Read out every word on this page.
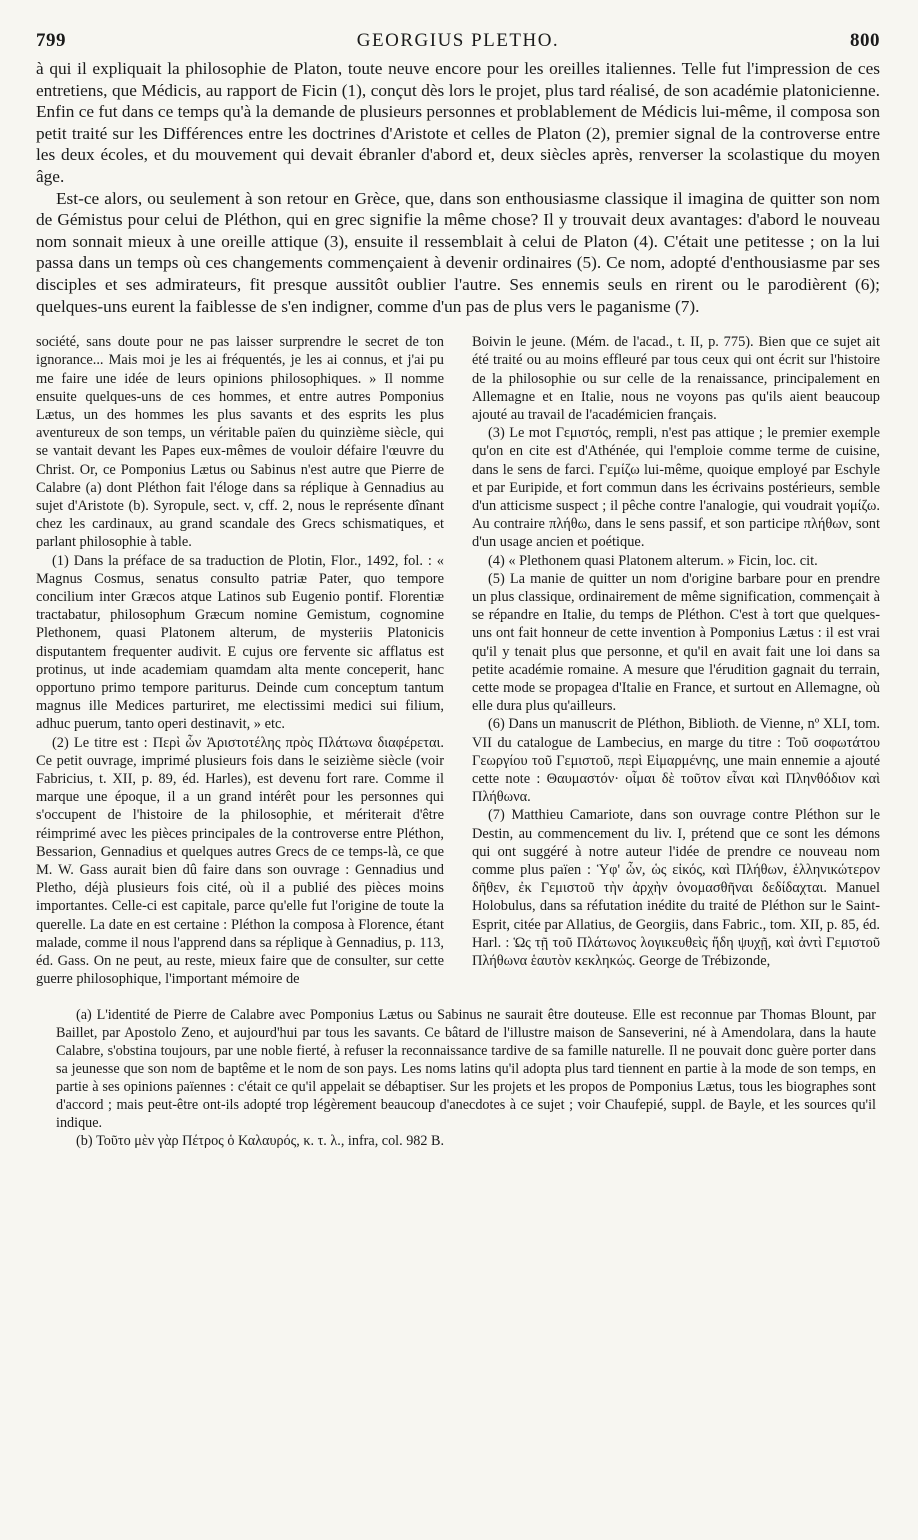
799	GEORGIUS PLETHO.	800

à qui il expliquait la philosophie de Platon, toute neuve encore pour les oreilles italiennes. Telle fut l'impression de ces entretiens, que Médicis, au rapport de Ficin (1), conçut dès lors le projet, plus tard réalisé, de son académie platonicienne. Enfin ce fut dans ce temps qu'à la demande de plusieurs personnes et problablement de Médicis lui-même, il composa son petit traité sur les Différences entre les doctrines d'Aristote et celles de Platon (2), premier signal de la controverse entre les deux écoles, et du mouvement qui devait ébranler d'abord et, deux siècles après, renverser la scolastique du moyen âge.

Est-ce alors, ou seulement à son retour en Grèce, que, dans son enthousiasme classique il imagina de quitter son nom de Gémistus pour celui de Pléthon, qui en grec signifie la même chose? Il y trouvait deux avantages: d'abord le nouveau nom sonnait mieux à une oreille attique (3), ensuite il ressemblait à celui de Platon (4). C'était une petitesse ; on la lui passa dans un temps où ces changements commençaient à devenir ordinaires (5). Ce nom, adopté d'enthousiasme par ses disciples et ses admirateurs, fit presque aussitôt oublier l'autre. Ses ennemis seuls en rirent ou le parodièrent (6); quelques-uns eurent la faiblesse de s'en indigner, comme d'un pas de plus vers le paganisme (7).

société, sans doute pour ne pas laisser surprendre le secret de ton ignorance... Mais moi je les ai fréquentés, je les ai connus, et j'ai pu me faire une idée de leurs opinions philosophiques. » Il nomme ensuite quelques-uns de ces hommes, et entre autres Pomponius Lætus, un des hommes les plus savants et des esprits les plus aventureux de son temps, un véritable païen du quinzième siècle, qui se vantait devant les Papes eux-mêmes de vouloir défaire l'œuvre du Christ. Or, ce Pomponius Lætus ou Sabinus n'est autre que Pierre de Calabre (a) dont Pléthon fait l'éloge dans sa réplique à Gennadius au sujet d'Aristote (b). Syropule, sect. v, cff. 2, nous le représente dînant chez les cardinaux, au grand scandale des Grecs schismatiques, et parlant philosophie à table.

(1) Dans la préface de sa traduction de Plotin, Flor., 1492, fol. : « Magnus Cosmus, senatus consulto patriæ Pater, quo tempore concilium inter Græcos atque Latinos sub Eugenio pontif. Florentiæ tractabatur, philosophum Græcum nomine Gemistum, cognomine Plethonem, quasi Platonem alterum, de mysteriis Platonicis disputantem frequenter audivit. E cujus ore fervente sic afflatus est protinus, ut inde academiam quamdam alta mente conceperit, hanc opportuno primo tempore pariturus. Deinde cum conceptum tantum magnus ille Medices parturiret, me electissimi medici sui filium, adhuc puerum, tanto operi destinavit, » etc.

(2) Le titre est : Περὶ ὧν Ἀριστοτέλης πρὸς Πλάτωνα διαφέρεται. Ce petit ouvrage, imprimé plusieurs fois dans le seizième siècle (voir Fabricius, t. XII, p. 89, éd. Harles), est devenu fort rare. Comme il marque une époque, il a un grand intérêt pour les personnes qui s'occupent de l'histoire de la philosophie, et mériterait d'être réimprimé avec les pièces principales de la controverse entre Pléthon, Bessarion, Gennadius et quelques autres Grecs de ce temps-là, ce que M. W. Gass aurait bien dû faire dans son ouvrage : Gennadius und Pletho, déjà plusieurs fois cité, où il a publié des pièces moins importantes. Celle-ci est capitale, parce qu'elle fut l'origine de toute la querelle. La date en est certaine : Pléthon la composa à Florence, étant malade, comme il nous l'apprend dans sa réplique à Gennadius, p. 113, éd. Gass. On ne peut, au reste, mieux faire que de consulter, sur cette guerre philosophique, l'important mémoire de

Boivin le jeune. (Mém. de l'acad., t. II, p. 775). Bien que ce sujet ait été traité ou au moins effleuré par tous ceux qui ont écrit sur l'histoire de la philosophie ou sur celle de la renaissance, principalement en Allemagne et en Italie, nous ne voyons pas qu'ils aient beaucoup ajouté au travail de l'académicien français.

(3) Le mot Γεμιστός, rempli, n'est pas attique ; le premier exemple qu'on en cite est d'Athénée, qui l'emploie comme terme de cuisine, dans le sens de farci. Γεμίζω lui-même, quoique employé par Eschyle et par Euripide, et fort commun dans les écrivains postérieurs, semble d'un atticisme suspect ; il pêche contre l'analogie, qui voudrait γομίζω. Au contraire πλήθω, dans le sens passif, et son participe πλήθων, sont d'un usage ancien et poétique.

(4) « Plethonem quasi Platonem alterum. » Ficin, loc. cit.

(5) La manie de quitter un nom d'origine barbare pour en prendre un plus classique, ordinairement de même signification, commençait à se répandre en Italie, du temps de Pléthon. C'est à tort que quelques-uns ont fait honneur de cette invention à Pomponius Lætus : il est vrai qu'il y tenait plus que personne, et qu'il en avait fait une loi dans sa petite académie romaine. A mesure que l'érudition gagnait du terrain, cette mode se propagea d'Italie en France, et surtout en Allemagne, où elle dura plus qu'ailleurs.

(6) Dans un manuscrit de Pléthon, Biblioth. de Vienne, nº XLI, tom. VII du catalogue de Lambecius, en marge du titre : Τοῦ σοφωτάτου Γεωργίου τοῦ Γεμιστοῦ, περὶ Εἱμαρμένης, une main ennemie a ajouté cette note : Θαυμαστόν· οἶμαι δὲ τοῦτον εἶναι καὶ Πληνθόδιον καὶ Πλήθωνα.

(7) Matthieu Camariote, dans son ouvrage contre Pléthon sur le Destin, au commencement du liv. I, prétend que ce sont les démons qui ont suggéré à notre auteur l'idée de prendre ce nouveau nom comme plus païen : Ὑφ' ὧν, ὡς εἰκός, καὶ Πλήθων, ἑλληνικώτερον δῆθεν, ἐκ Γεμιστοῦ τὴν ἀρχὴν ὀνομασθῆναι δεδίδαχται. Manuel Holobulus, dans sa réfutation inédite du traité de Pléthon sur le Saint-Esprit, citée par Allatius, de Georgiis, dans Fabric., tom. XII, p. 85, éd. Harl. : Ὡς τῇ τοῦ Πλάτωνος λογικευθεὶς ἤδη ψυχῇ, καὶ ἀντὶ Γεμιστοῦ Πλήθωνα ἑαυτὸν κεκληκώς. George de Trébizonde,

(a) L'identité de Pierre de Calabre avec Pomponius Lætus ou Sabinus ne saurait être douteuse. Elle est reconnue par Thomas Blount, par Baillet, par Apostolo Zeno, et aujourd'hui par tous les savants. Ce bâtard de l'illustre maison de Sanseverini, né à Amendolara, dans la haute Calabre, s'obstina toujours, par une noble fierté, à refuser la reconnaissance tardive de sa famille naturelle. Il ne pouvait donc guère porter dans sa jeunesse que son nom de baptême et le nom de son pays. Les noms latins qu'il adopta plus tard tiennent en partie à la mode de son temps, en partie à ses opinions païennes : c'était ce qu'il appelait se débaptiser. Sur les projets et les propos de Pomponius Lætus, tous les biographes sont d'accord ; mais peut-être ont-ils adopté trop légèrement beaucoup d'anecdotes à ce sujet ; voir Chaufepié, suppl. de Bayle, et les sources qu'il indique.

(b) Τοῦτο μὲν γὰρ Πέτρος ὁ Καλαυρός, κ. τ. λ., infra, col. 982 B.
